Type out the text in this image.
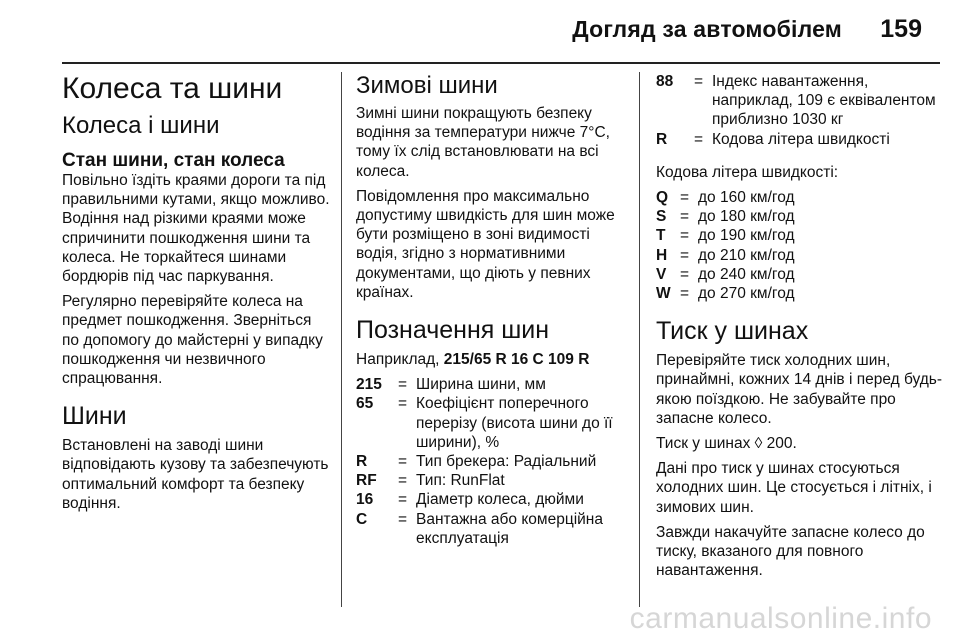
Догляд за автомобілем 159
Колеса та шини
Колеса і шини
Стан шини, стан колеса

Повільно їздіть краями дороги та під правильними кутами, якщо можливо. Водіння над різкими краями може спричинити пошкодження шини та колеса. Не торкайтеся шинами бордюрів під час паркування.

Регулярно перевіряйте колеса на предмет пошкодження. Зверніться по допомогу до майстерні у випадку пошкодження чи незвичного спрацювання.

Шини

Встановлені на заводі шини відповідають кузову та забезпечують оптимальний комфорт та безпеку водіння.

Зимові шини

Зимні шини покращують безпеку водіння за температури нижче 7°C, тому їх слід встановлювати на всі колеса.

Повідомлення про максимально допустиму швидкість для шин може бути розміщено в зоні видимості водія, згідно з нормативними документами, що діють у певних країнах.

Позначення шин

Наприклад, 215/65 R 16 C 109 R

215	= Ширина шини, мм
65	= Коефіцієнт поперечного перерізу (висота шини до її ширини), %
R	= Тип брекера: Радіальний
RF	= Тип: RunFlat
16	= Діаметр колеса, дюйми
C	= Вантажна або комерційна експлуатація
88	= Індекс навантаження, наприклад, 109 є еквівалентом приблизно 1030 кг
R	= Кодова літера швидкості

Кодова літера швидкості:

Q = до 160 км/год
S = до 180 км/год
T = до 190 км/год
H = до 210 км/год
V = до 240 км/год
W = до 270 км/год
Тиск у шинах

Перевіряйте тиск холодних шин, принаймні, кожних 14 днів і перед будь-якою поїздкою. Не забувайте про запасне колесо.

Тиск у шинах ◊ 200.

Дані про тиск у шинах стосуються холодних шин. Це стосується і літніх, і зимових шин.

Завжди накачуйте запасне колесо до тиску, вказаного для повного навантаження.

carmanualsonline.info
